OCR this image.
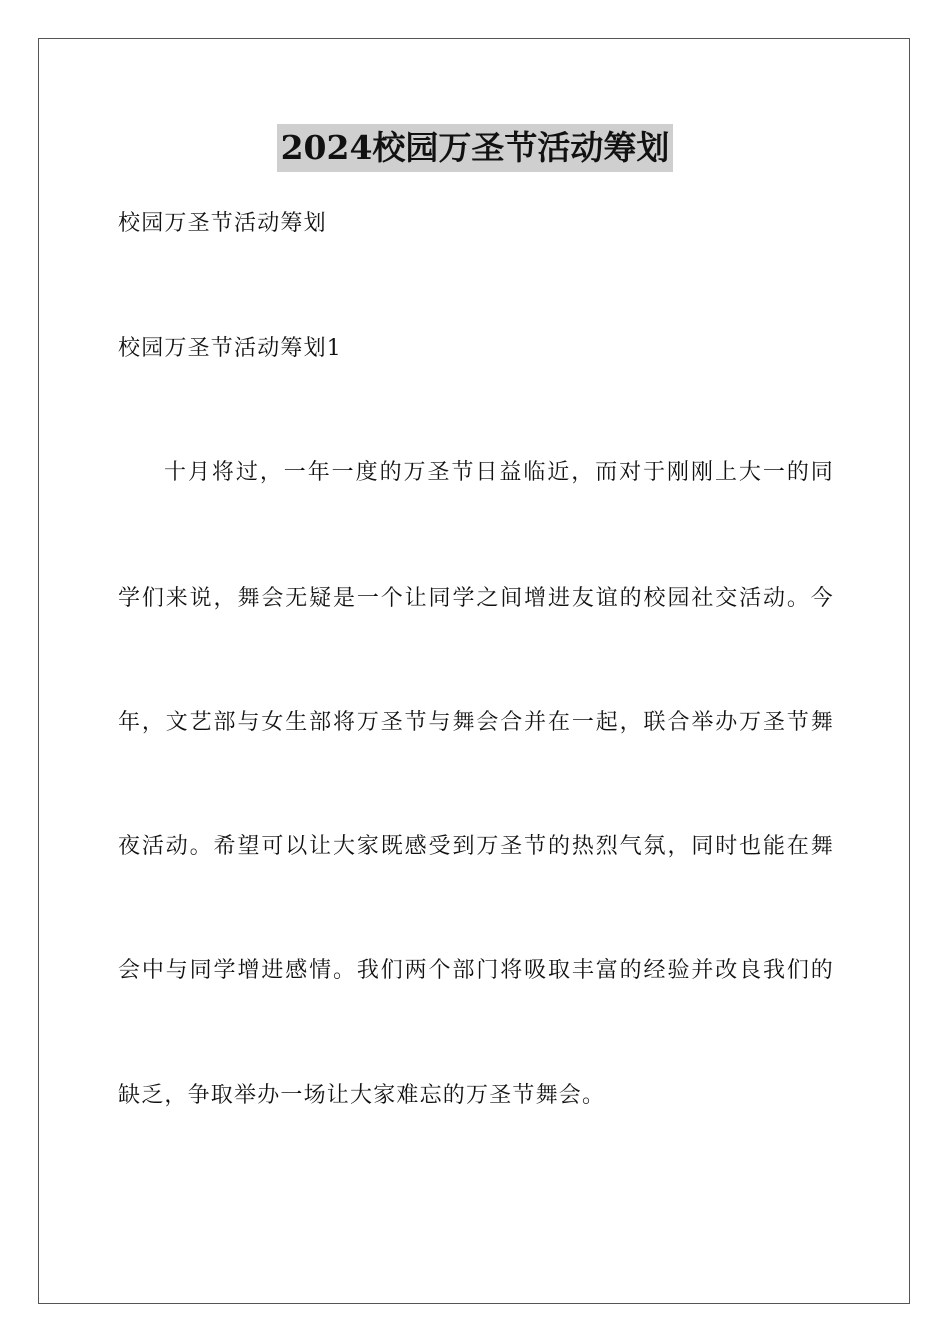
2024校园万圣节活动筹划
校园万圣节活动筹划
校园万圣节活动筹划1
十月将过，一年一度的万圣节日益临近，而对于刚刚上大一的同
学们来说，舞会无疑是一个让同学之间增进友谊的校园社交活动。今
年，文艺部与女生部将万圣节与舞会合并在一起，联合举办万圣节舞
夜活动。希望可以让大家既感受到万圣节的热烈气氛，同时也能在舞
会中与同学增进感情。我们两个部门将吸取丰富的经验并改良我们的
缺乏，争取举办一场让大家难忘的万圣节舞会。
